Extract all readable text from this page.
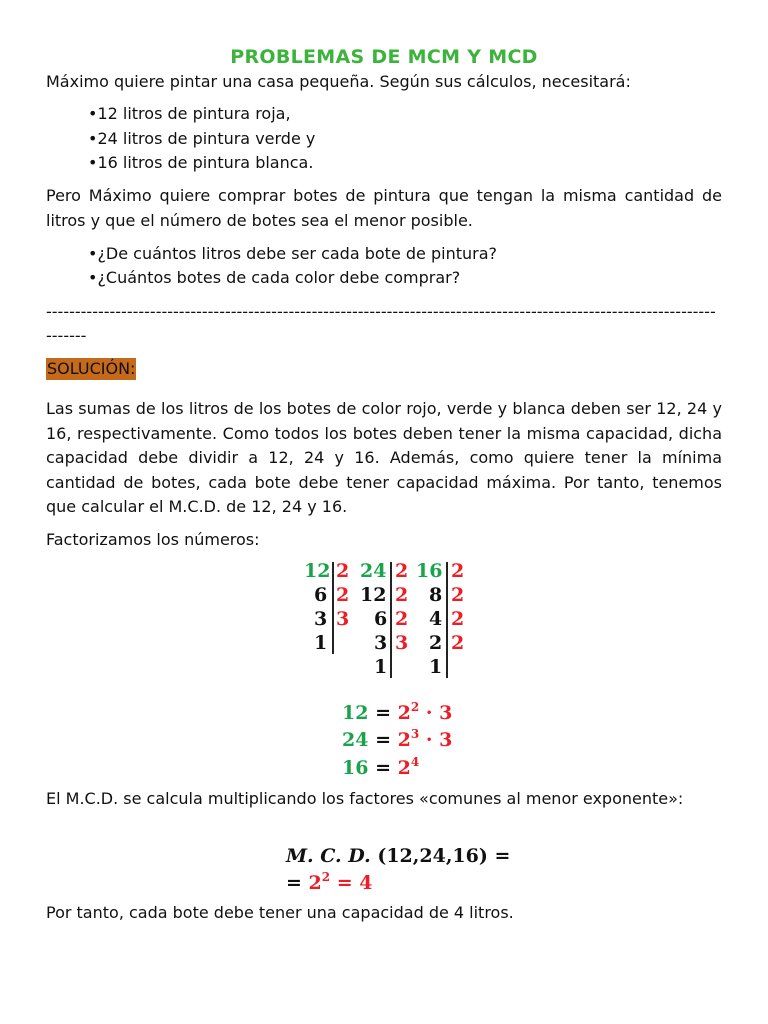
PROBLEMAS DE MCM Y MCD
Máximo quiere pintar una casa pequeña. Según sus cálculos, necesitará:
•12 litros de pintura roja,
•24 litros de pintura verde y
•16 litros de pintura blanca.
Pero Máximo quiere comprar botes de pintura que tengan la misma cantidad de litros y que el número de botes sea el menor posible.
•¿De cuántos litros debe ser cada bote de pintura?
•¿Cuántos botes de cada color debe comprar?
--------------------------------------------------------------------------------------------------------------------
-------
SOLUCIÓN:
Las sumas de los litros de los botes de color rojo, verde y blanca deben ser 12, 24 y 16, respectivamente. Como todos los botes deben tener la misma capacidad, dicha capacidad debe dividir a 12, 24 y 16. Además, como quiere tener la mínima cantidad de botes, cada bote debe tener capacidad máxima. Por tanto, tenemos que calcular el M.C.D. de 12, 24 y 16.
Factorizamos los números:
12
6
3
1
2
2
3
24
12
6
3
1
2
2
2
3
16
8
4
2
1
2
2
2
2
$12 = 2^2 \cdot 3$
$24 = 2^3 \cdot 3$
$16 = 2^4$
El M.C.D. se calcula multiplicando los factores «comunes al menor exponente»:
M. C. D. (12,24,16) =
= $2^2 = 4$
Por tanto, cada bote debe tener una capacidad de 4 litros.
